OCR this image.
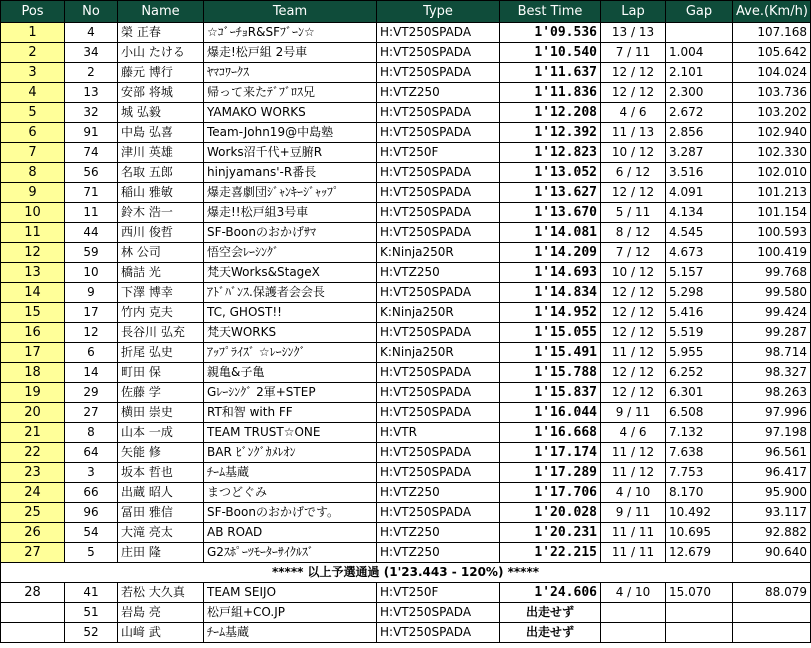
Pos	No	Name	Team	Type	Best Time	Lap	Gap	Ave.(Km/h)
1	4	榮 正春	☆ｺﾞｰﾁｮR&SFﾌﾞｰﾝ☆	H:VT250SPADA	1'09.536	13 / 13		107.168
2	34	小山 たける	爆走!松戸組 2号車	H:VT250SPADA	1'10.540	7 / 11	1.004	105.642
3	2	藤元 博行	ﾔﾏｺﾜｰｸｽ	H:VT250SPADA	1'11.637	12 / 12	2.101	104.024
4	13	安部 将城	帰って来たﾃﾞﾌﾞﾛｽ兄	H:VTZ250	1'11.836	12 / 12	2.300	103.736
5	32	城 弘毅	YAMAKO WORKS	H:VT250SPADA	1'12.208	4 / 6	2.672	103.202
6	91	中島 弘喜	Team-John19@中島塾	H:VT250SPADA	1'12.392	11 / 13	2.856	102.940
7	74	津川 英雄	Works沼千代+豆腑R	H:VT250F	1'12.823	10 / 12	3.287	102.330
8	56	名取 五郎	hinjyamans'-R番長	H:VT250SPADA	1'13.052	6 / 12	3.516	102.010
9	71	稲山 雅敏	爆走喜劇団ｼﾞｬﾝｷｰｼﾞｬｯﾌﾟ	H:VT250SPADA	1'13.627	12 / 12	4.091	101.213
10	11	鈴木 浩一	爆走!!松戸組3号車	H:VT250SPADA	1'13.670	5 / 11	4.134	101.154
11	44	西川 俊哲	SF-Boonのおかげｻﾏ	H:VT250SPADA	1'14.081	8 / 12	4.545	100.593
12	59	林 公司	悟空会ﾚｰｼﾝｸﾞ	K:Ninja250R	1'14.209	7 / 12	4.673	100.419
13	10	橋詰 光	梵天Works&StageX	H:VTZ250	1'14.693	10 / 12	5.157	99.768
14	9	下澤 博幸	ｱﾄﾞﾊﾞﾝｽ.保護者会会長	H:VT250SPADA	1'14.834	12 / 12	5.298	99.580
15	17	竹内 克夫	TC, GHOST!!	K:Ninja250R	1'14.952	12 / 12	5.416	99.424
16	12	長谷川 弘充	梵天WORKS	H:VT250SPADA	1'15.055	12 / 12	5.519	99.287
17	6	折尾 弘史	ｱｯﾌﾟﾗｲｽﾞ ☆ﾚｰｼﾝｸﾞ	K:Ninja250R	1'15.491	11 / 12	5.955	98.714
18	14	町田 保	親亀&子亀	H:VT250SPADA	1'15.788	12 / 12	6.252	98.327
19	29	佐藤 学	Gﾚｰｼﾝｸﾞ 2軍+STEP	H:VT250SPADA	1'15.837	12 / 12	6.301	98.263
20	27	横田 崇史	RT和智 with FF	H:VT250SPADA	1'16.044	9 / 11	6.508	97.996
21	8	山本 一成	TEAM TRUST☆ONE	H:VTR	1'16.668	4 / 6	7.132	97.198
22	64	矢能 修	BAR ﾋﾞﾝｸﾞｶﾒﾚｵﾝ	H:VT250SPADA	1'17.174	11 / 12	7.638	96.561
23	3	坂本 哲也	ﾁｰﾑ基蔵	H:VT250SPADA	1'17.289	11 / 12	7.753	96.417
24	66	出蔵 昭人	まつどぐみ	H:VTZ250	1'17.706	4 / 10	8.170	95.900
25	96	冨田 雅信	SF-Boonのおかげです。	H:VT250SPADA	1'20.028	9 / 11	10.492	93.117
26	54	大滝 亮太	AB ROAD	H:VTZ250	1'20.231	11 / 11	10.695	92.882
27	5	庄田 隆	G2ｽﾎﾟｰﾂﾓｰﾀｰｻｲｸﾙｽﾞ	H:VTZ250	1'22.215	11 / 11	12.679	90.640
***** 以上予選通過 (1'23.443 - 120%) *****								
28	41	若松 大久真	TEAM SEIJO	H:VT250F	1'24.606	4 / 10	15.070	88.079
	51	岩島 亮	松戸組+CO.JP	H:VT250SPADA	出走せず			
	52	山﨑 武	ﾁｰﾑ基蔵	H:VT250SPADA	出走せず			
